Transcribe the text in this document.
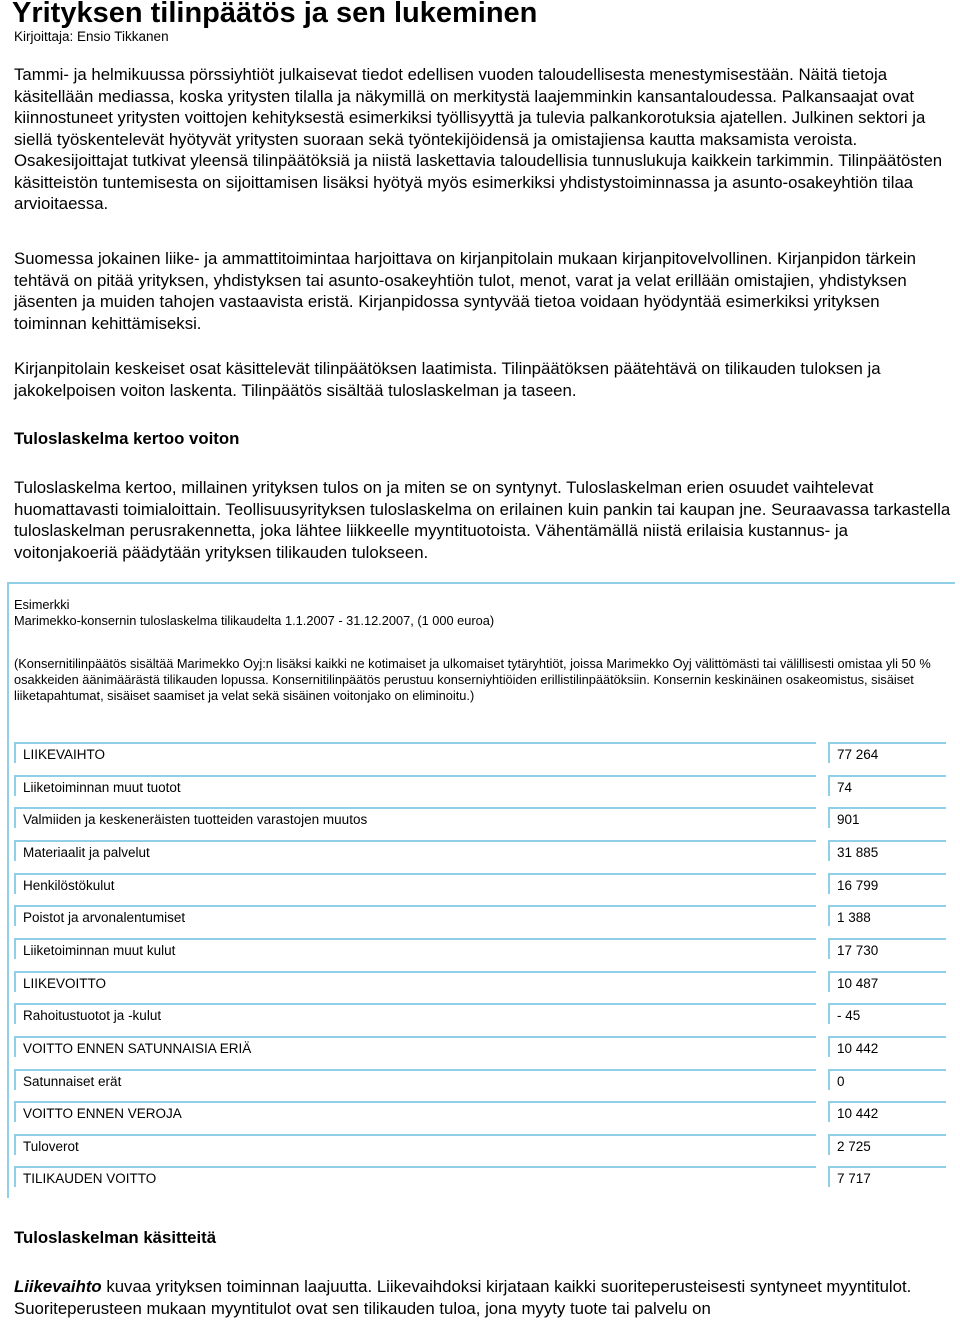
Yrityksen tilinpäätös ja sen lukeminen
Kirjoittaja: Ensio Tikkanen

Tammi- ja helmikuussa pörssiyhtiöt julkaisevat tiedot edellisen vuoden taloudellisesta menestymisestään. Näitä tietoja käsitellään mediassa, koska yritysten tilalla ja näkymillä on merkitystä laajemminkin kansantaloudessa. Palkansaajat ovat kiinnostuneet yritysten voittojen kehityksestä esimerkiksi työllisyyttä ja tulevia palkankorotuksia ajatellen. Julkinen sektori ja siellä työskentelevät hyötyvät yritysten suoraan sekä työntekijöidensä ja omistajiensa kautta maksamista veroista. Osakesijoittajat tutkivat yleensä tilinpäätöksiä ja niistä laskettavia taloudellisia tunnuslukuja kaikkein tarkimmin. Tilinpäätösten käsitteistön tuntemisesta on sijoittamisen lisäksi hyötyä myös esimerkiksi yhdistystoiminnassa ja asunto-osakeyhtiön tilaa arvioitaessa.

Suomessa jokainen liike- ja ammattitoimintaa harjoittava on kirjanpitolain mukaan kirjanpitovelvollinen. Kirjanpidon tärkein tehtävä on pitää yrityksen, yhdistyksen tai asunto-osakeyhtiön tulot, menot, varat ja velat erillään omistajien, yhdistyksen jäsenten ja muiden tahojen vastaavista eristä. Kirjanpidossa syntyvää tietoa voidaan hyödyntää esimerkiksi yrityksen toiminnan kehittämiseksi.

Kirjanpitolain keskeiset osat käsittelevät tilinpäätöksen laatimista. Tilinpäätöksen päätehtävä on tilikauden tuloksen ja jakokelpoisen voiton laskenta. Tilinpäätös sisältää tuloslaskelman ja taseen.

Tuloslaskelma kertoo voiton

Tuloslaskelma kertoo, millainen yrityksen tulos on ja miten se on syntynyt. Tuloslaskelman erien osuudet vaihtelevat huomattavasti toimialoittain. Teollisuusyrityksen tuloslaskelma on erilainen kuin pankin tai kaupan jne. Seuraavassa tarkastella tuloslaskelman perusrakennetta, joka lähtee liikkeelle myyntituotoista. Vähentämällä niistä erilaisia kustannus- ja voitonjakoeriä päädytään yrityksen tilikauden tulokseen.

Esimerkki
Marimekko-konsernin tuloslaskelma tilikaudelta 1.1.2007 - 31.12.2007, (1 000 euroa)

(Konsernitilinpäätös sisältää Marimekko Oyj:n lisäksi kaikki ne kotimaiset ja ulkomaiset tytäryhtiöt, joissa Marimekko Oyj välittömästi tai välillisesti omistaa yli 50 % osakkeiden äänimäärästä tilikauden lopussa. Konsernitilinpäätös perustuu konserniyhtiöiden erillistilinpäätöksiin. Konsernin keskinäinen osakeomistus, sisäiset liiketapahtumat, sisäiset saamiset ja velat sekä sisäinen voitonjako on eliminoitu.)

LIIKEVAIHTO	77 264
Liiketoiminnan muut tuotot	74
Valmiiden ja keskeneräisten tuotteiden varastojen muutos	901
Materiaalit ja palvelut	31 885
Henkilöstökulut	16 799
Poistot ja arvonalentumiset	1 388
Liiketoiminnan muut kulut	17 730
LIIKEVOITTO	10 487
Rahoitustuotot ja -kulut	- 45
VOITTO ENNEN SATUNNAISIA ERIÄ	10 442
Satunnaiset erät	0
VOITTO ENNEN VEROJA	10 442
Tuloverot	2 725
TILIKAUDEN VOITTO	7 717
Tuloslaskelman käsitteitä

Liikevaihto kuvaa yrityksen toiminnan laajuutta. Liikevaihdoksi kirjataan kaikki suoriteperusteisesti syntyneet myyntitulot. Suoriteperusteen mukaan myyntitulot ovat sen tilikauden tuloa, jona myyty tuote tai palvelu on
